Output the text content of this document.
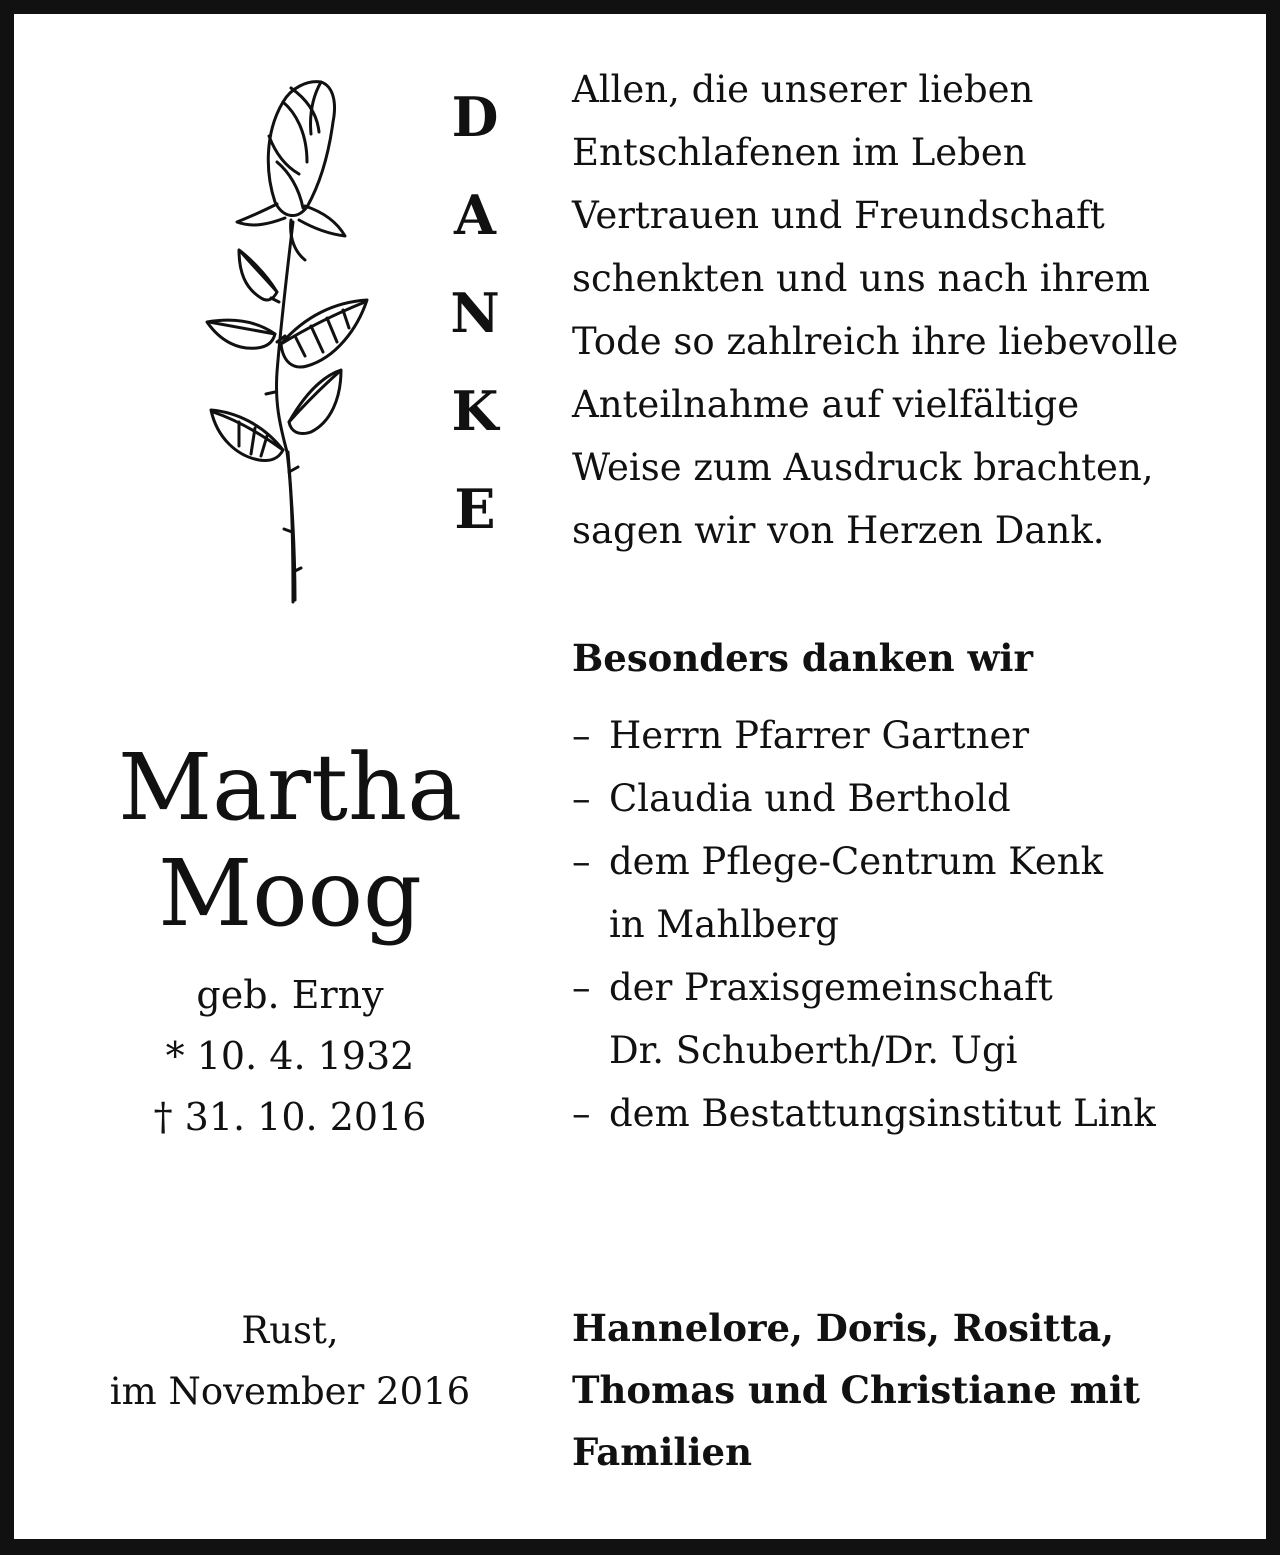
D
A
N
K
E

Allen, die unserer lieben
Entschlafenen im Leben
Vertrauen und Freundschaft
schenkten und uns nach ihrem
Tode so zahlreich ihre liebevolle
Anteilnahme auf vielfältige
Weise zum Ausdruck brachten,
sagen wir von Herzen Dank.

Besonders danken wir

– Herrn Pfarrer Gartner
– Claudia und Berthold
– dem Pflege-Centrum Kenk
in Mahlberg
– der Praxisgemeinschaft
Dr. Schuberth/Dr. Ugi
– dem Bestattungsinstitut Link
Martha
Moog
geb. Erny
* 10. 4. 1932
† 31. 10. 2016
Rust,
im November 2016
Hannelore, Doris, Rositta,
Thomas und Christiane mit
Familien
